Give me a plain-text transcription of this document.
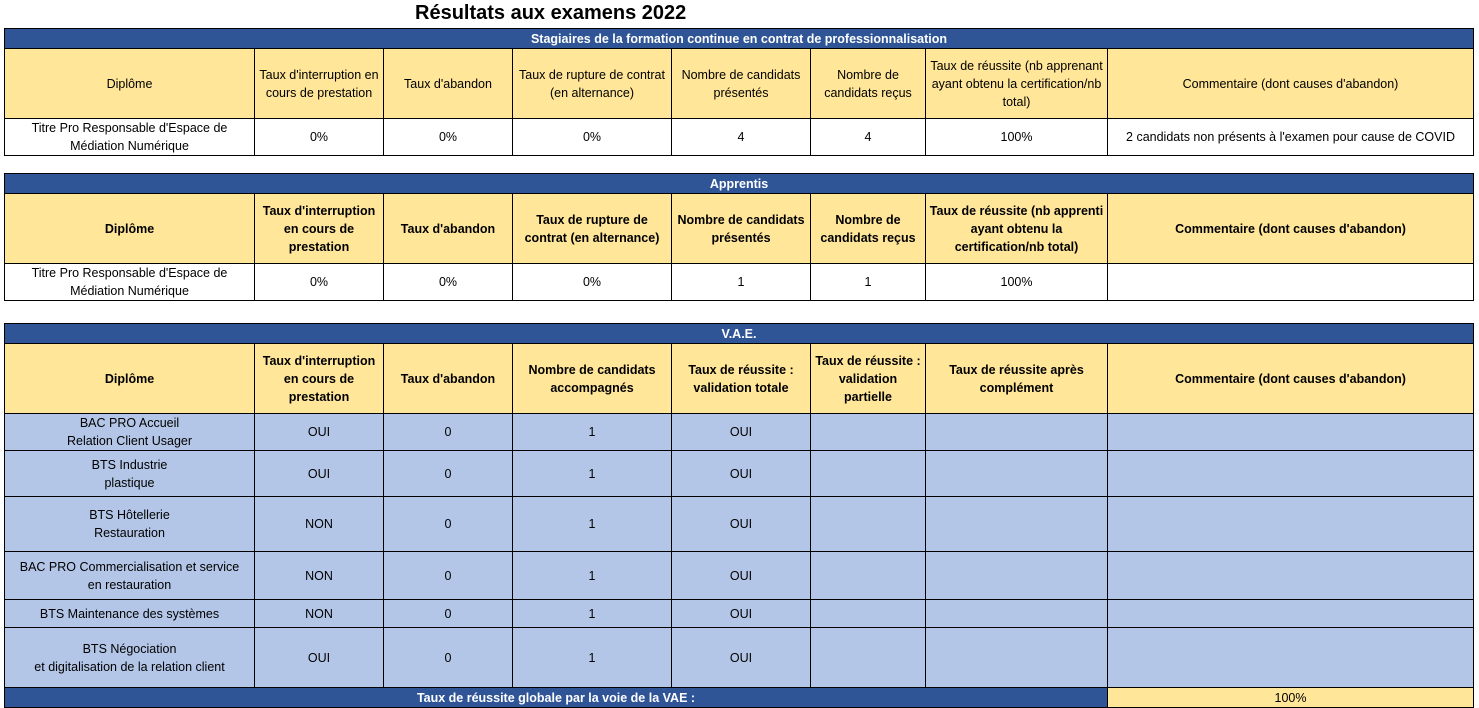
Résultats aux examens 2022
Stagiaires de la formation continue en contrat de professionnalisation							
Diplôme	Taux d'interruption en cours de prestation	Taux d'abandon	Taux de rupture de contrat (en alternance)	Nombre de candidats présentés	Nombre de candidats reçus	Taux de réussite (nb apprenant ayant obtenu la certification/nb total)	Commentaire (dont causes d'abandon)
Titre Pro Responsable d'Espace de Médiation Numérique	0%	0%	0%	4	4	100%	2 candidats non présents à l'examen pour cause de COVID
Apprentis							
Diplôme	Taux d'interruption en cours de prestation	Taux d'abandon	Taux de rupture de contrat (en alternance)	Nombre de candidats présentés	Nombre de candidats reçus	Taux de réussite (nb apprenti ayant obtenu la certification/nb total)	Commentaire (dont causes d'abandon)
Titre Pro Responsable d'Espace de Médiation Numérique	0%	0%	0%	1	1	100%	
V.A.E.							
Diplôme	Taux d'interruption en cours de prestation	Taux d'abandon	Nombre de candidats accompagnés	Taux de réussite : validation totale	Taux de réussite : validation partielle	Taux de réussite après complément	Commentaire (dont causes d'abandon)
BAC PRO Accueil
Relation Client Usager	OUI	0	1	OUI			
BTS Industrie
plastique	OUI	0	1	OUI			
BTS Hôtellerie
Restauration	NON	0	1	OUI			
BAC PRO Commercialisation et service
en restauration	NON	0	1	OUI			
BTS Maintenance des systèmes	NON	0	1	OUI			
BTS Négociation
et digitalisation de la relation client	OUI	0	1	OUI			
Taux de réussite globale par la voie de la VAE :							100%
